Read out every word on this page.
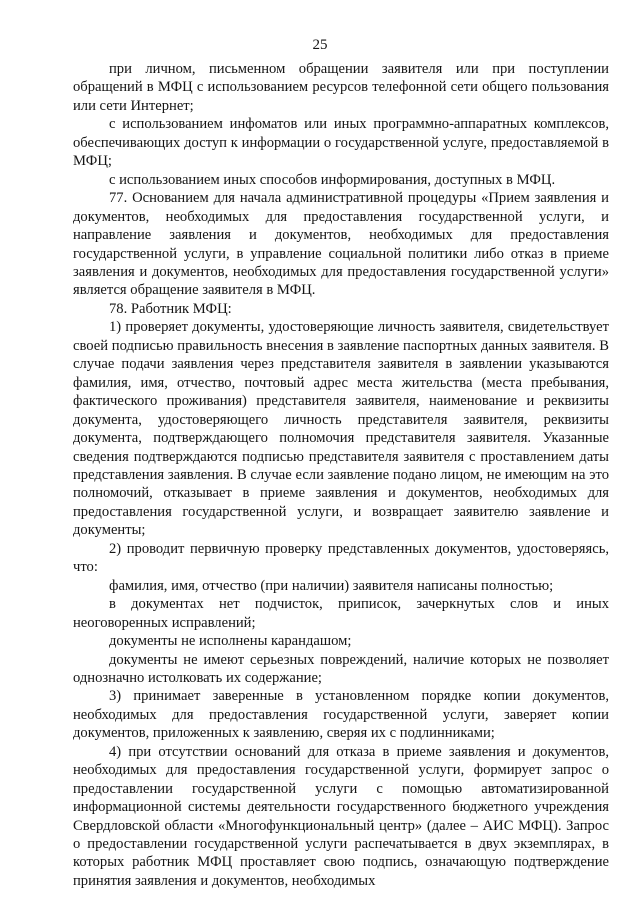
25

при личном, письменном обращении заявителя или при поступлении обращений в МФЦ с использованием ресурсов телефонной сети общего пользования или сети Интернет;

с использованием инфоматов или иных программно-аппаратных комплексов, обеспечивающих доступ к информации о государственной услуге, предоставляемой в МФЦ;

с использованием иных способов информирования, доступных в МФЦ.

77. Основанием для начала административной процедуры «Прием заявления и документов, необходимых для предоставления государственной услуги, и направление заявления и документов, необходимых для предоставления государственной услуги, в управление социальной политики либо отказ в приеме заявления и документов, необходимых для предоставления государственной услуги» является обращение заявителя в МФЦ.

78. Работник МФЦ:

1) проверяет документы, удостоверяющие личность заявителя, свидетельствует своей подписью правильность внесения в заявление паспортных данных заявителя. В случае подачи заявления через представителя заявителя в заявлении указываются фамилия, имя, отчество, почтовый адрес места жительства (места пребывания, фактического проживания) представителя заявителя, наименование и реквизиты документа, удостоверяющего личность представителя заявителя, реквизиты документа, подтверждающего полномочия представителя заявителя. Указанные сведения подтверждаются подписью представителя заявителя с проставлением даты представления заявления. В случае если заявление подано лицом, не имеющим на это полномочий, отказывает в приеме заявления и документов, необходимых для предоставления государственной услуги, и возвращает заявителю заявление и документы;

2) проводит первичную проверку представленных документов, удостоверяясь, что:

фамилия, имя, отчество (при наличии) заявителя написаны полностью;

в документах нет подчисток, приписок, зачеркнутых слов и иных неоговоренных исправлений;

документы не исполнены карандашом;

документы не имеют серьезных повреждений, наличие которых не позволяет однозначно истолковать их содержание;

3) принимает заверенные в установленном порядке копии документов, необходимых для предоставления государственной услуги, заверяет копии документов, приложенных к заявлению, сверяя их с подлинниками;

4) при отсутствии оснований для отказа в приеме заявления и документов, необходимых для предоставления государственной услуги, формирует запрос о предоставлении государственной услуги с помощью автоматизированной информационной системы деятельности государственного бюджетного учреждения Свердловской области «Многофункциональный центр» (далее – АИС МФЦ). Запрос о предоставлении государственной услуги распечатывается в двух экземплярах, в которых работник МФЦ проставляет свою подпись, означающую подтверждение принятия заявления и документов, необходимых
